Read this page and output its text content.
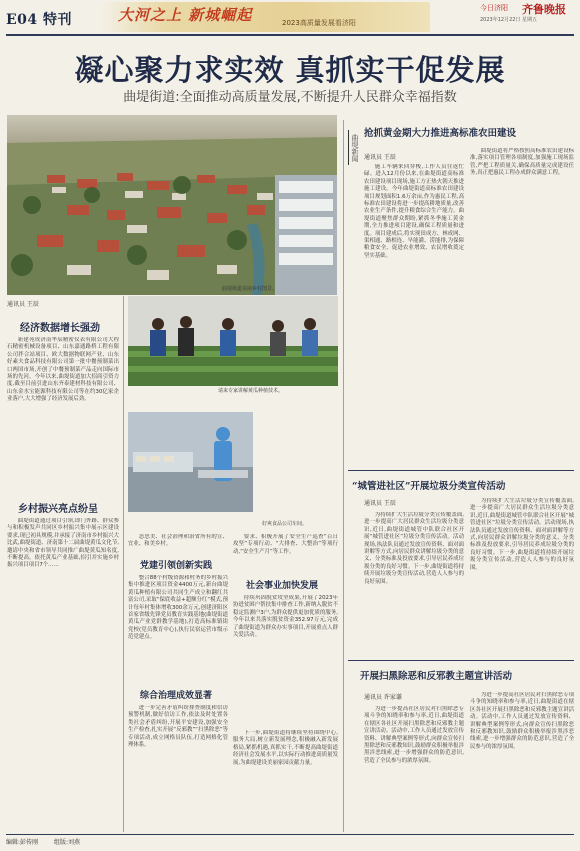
E04 特刊	大河之上 新城崛起	2023高质量发展看济阳
今日济阳 齐鲁晚报
2023年12月22日 星期五
凝心聚力求实效 真抓实干促发展
曲堤街道:全面推动高质量发展,不断提升人民群众幸福指数
曲堤街道美丽乡村图景。
请来专家讲解黄瓜种植技术。
好爽食品公司车间。
通讯员 王辰
经济数据增长强劲

新建苑成济南华辰精密仪表有限公司大程石精密机械设备项目、山东嘉通路桥工程有限公司拌合站项目、欧大数据物联网产业、山东好素夫食品科技有限公司第一批中餐预制菜出口两国市场,开创了中餐预制菜产品走向国际市场的先河。今年以来,曲堤街道加大招商引资力度,截至目前引进山东齐泰建材科技有限公司、山东金水宝能源科技有限公司等在约30亿家企业落户,大大增强了经济发展后劲。

乡村振兴亮点纷呈

曲堤街道通过项目引领,即门外路、群众参与和积极发声共同区乡村振兴集中展示区建设要求,现已初具规模,并承接了济南市乡村振兴大比武,曲堤街道、济南第十二届曲堤黄瓜文化节,邀请中央和省市领导共同推广曲堤黄瓜知名度,不断提高。依托黄瓜产业基础,招引并实施乡村振兴项目项目7个……

态思美、社会治理和治省所有的宣、宜业、和美乡村。

党建引领创新实践

整合88个村级资源和村务的乡村振兴集中推进区项目资金4400万元,新台曲堤黄瓜种植有限公司共同生产成立和翻红共富公司,采取“保底收益+超额分红”模式,预计每年村集体增收300余万元,创建济阳区首家省级先锋党员教育实践基地(曲堤街道黄瓜产业党群教学基地),打造高标准镇街党校(党员教育中心),执行民宿运营市级示范党建点。

综合治理成效显著

进一步完善矛盾纠纷排查制度和信访预警机制,做好信访工作,依法及时处置各类社会矛盾纠纷,开展平安建设,加强安全生产检查,扎实开展“反邪教”“扫黑除恶”等专项活动,成立网格员队伍,打造网格化管理体系。

要求、积极开展了安全生产巡查“百日攻坚”专项行动、“大排查、大整治”等项行动,“安全生产月”等工作。

社会事业加快发展

持续巩固脱贫攻坚成果,开展了2023年协进贫困户帮扶集中排查工作,新纳入脱贫不稳定监测户3户,为群众提供更加优质的服务,今年以来共落实脱贫资金352.97万元,完成了曲堤街道为群众办实事项目,开展重点人群关爱活动。

下一步,曲堤街道将继续坚持围绕中心,服务大局,树立新发展理念,积极融入新发展格局,紧抓机遇,真抓实干,不断提高曲堤街道经济社会发展水平,以实际行动推进高质量发展,为曲堤建设美丽家园贡献力量。

曲堤新闻
抢抓黄金期大力推进高标准农田建设
通讯员 王辰

施工车辆来回穿梭,工作人员往返忙碌。进入12月份以来,在曲堤街道高标准农田建设项目现场,施工方正热火朝天推进施工建设。今年曲堤街道高标准农田建设项目规划面积1.6万余亩,作为惠民工程,高标准农田建设将进一步提高耕地质量,改善农业生产条件,提升粮食综合生产能力。曲堤街道聚焦群众期盼,紧抓冬季施工黄金期,全力推进项目建设,确保工程质量和进度。项目建成后,将实现田成方、林成网、渠相通、路相连、旱能灌、涝能排,为保障粮食安全、促进农业增效、农民增收奠定坚实基础。

曲堤街道将严格按照高标准农田建设标准,落实项目管理各项制度,加强施工现场监管,严把工程质量关,确保高质量完成建设任务,真正把惠民工程办成群众满意工程。

“城管进社区”开展垃圾分类宣传活动
通讯员 王辰

为持续扩大生活垃圾分类宣传覆盖面,进一步提高广大居民群众生活垃圾分类意识,近日,曲堤街道城管中队联合社区开展“城管进社区”垃圾分类宣传活动。活动现场,执法队员通过发放宣传资料、面对面讲解等方式,向居民群众讲解垃圾分类的意义、分类标准及投放要求,引导居民养成垃圾分类的良好习惯。下一步,曲堤街道将持续开展垃圾分类宣传活动,营造人人参与的良好氛围。

为持续扩大生活垃圾分类宣传覆盖面,进一步提高广大居民群众生活垃圾分类意识,近日,曲堤街道城管中队联合社区开展“城管进社区”垃圾分类宣传活动。活动现场,执法队员通过发放宣传资料、面对面讲解等方式,向居民群众讲解垃圾分类的意义、分类标准及投放要求,引导居民养成垃圾分类的良好习惯。下一步,曲堤街道将持续开展垃圾分类宣传活动,营造人人参与的良好氛围。

开展扫黑除恶和反邪教主题宣讲活动
通讯员 许家谦

为进一步提高社区居民对扫黑除恶专项斗争的知晓率和参与率,近日,曲堤街道在辖区各社区开展扫黑除恶和反邪教主题宣讲活动。活动中,工作人员通过发放宣传资料、讲解典型案例等形式,向群众宣传扫黑除恶和反邪教知识,鼓励群众积极举报涉黑涉恶线索,进一步增强群众的防范意识,营造了全民参与的浓厚氛围。

为进一步提高社区居民对扫黑除恶专项斗争的知晓率和参与率,近日,曲堤街道在辖区各社区开展扫黑除恶和反邪教主题宣讲活动。活动中,工作人员通过发放宣传资料、讲解典型案例等形式,向群众宣传扫黑除恶和反邪教知识,鼓励群众积极举报涉黑涉恶线索,进一步增强群众的防范意识,营造了全民参与的浓厚氛围。

编辑:彭传刚	组版:刘燕
